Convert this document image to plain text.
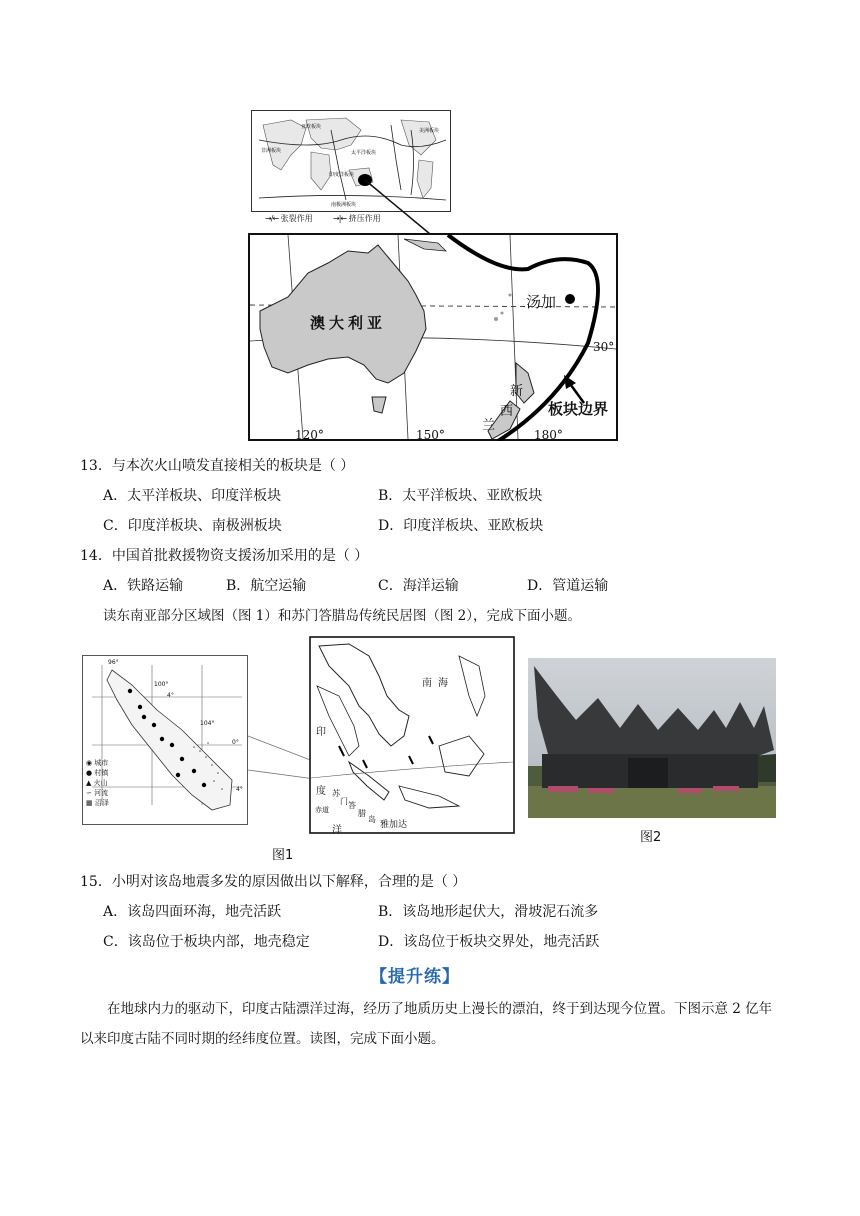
亚欧板块
太平洋板块
印度洋板块
非洲板块
美洲板块
南极洲板块
→/← 张裂作用	→|← 挤压作用
澳大利亚
汤加
新
西
兰
板块边界
30°
120°	150°	180°
13．与本次火山喷发直接相关的板块是（ ）
A．太平洋板块、印度洋板块	B．太平洋板块、亚欧板块
C．印度洋板块、南极洲板块	D．印度洋板块、亚欧板块
14．中国首批救援物资支援汤加采用的是（ ）
A．铁路运输	B．航空运输	C．海洋运输	D．管道运输
读东南亚部分区域图（图 1）和苏门答腊岛传统民居图（图 2），完成下面小题。
96°
100°
4°
104°
0°
4°
◉ 城市
● 村镇
▲ 火山
∽ 河流
▦ 沼泽
南 海
印
度
洋
赤道
苏
门 答
腊
岛
雅加达
图1
图2
15．小明对该岛地震多发的原因做出以下解释，合理的是（ ）
A．该岛四面环海，地壳活跃	B．该岛地形起伏大，滑坡泥石流多
C．该岛位于板块内部，地壳稳定	D．该岛位于板块交界处，地壳活跃
【提升练】
在地球内力的驱动下，印度古陆漂洋过海，经历了地质历史上漫长的漂泊，终于到达现今位置。下图示意 2 亿年以来印度古陆不同时期的经纬度位置。读图，完成下面小题。
